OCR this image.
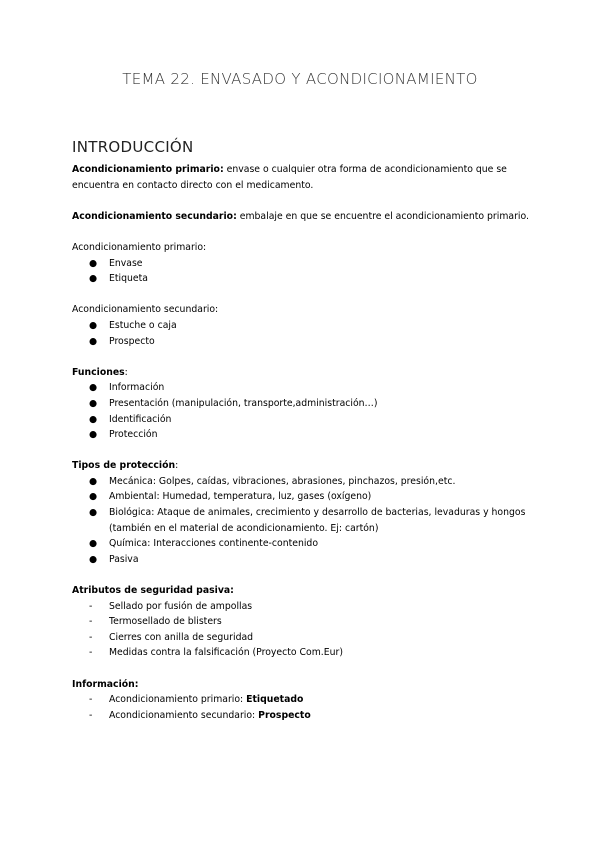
TEMA 22. ENVASADO Y ACONDICIONAMIENTO
INTRODUCCIÓN

Acondicionamiento primario: envase o cualquier otra forma de acondicionamiento que se encuentra en contacto directo con el medicamento.

Acondicionamiento secundario: embalaje en que se encuentre el acondicionamiento primario.

Acondicionamiento primario:

● Envase
● Etiqueta

Acondicionamiento secundario:

● Estuche o caja
● Prospecto

Funciones:

● Información
● Presentación (manipulación, transporte,administración…)
● Identificación
● Protección

Tipos de protección:

● Mecánica: Golpes, caídas, vibraciones, abrasiones, pinchazos, presión,etc.
● Ambiental: Humedad, temperatura, luz, gases (oxígeno)
● Biológica: Ataque de animales, crecimiento y desarrollo de bacterias, levaduras y hongos (también en el material de acondicionamiento. Ej: cartón)
● Química: Interacciones continente-contenido
● Pasiva

Atributos de seguridad pasiva:

- Sellado por fusión de ampollas
- Termosellado de blisters
- Cierres con anilla de seguridad
- Medidas contra la falsificación (Proyecto Com.Eur)

Información:

- Acondicionamiento primario: Etiquetado
- Acondicionamiento secundario: Prospecto
